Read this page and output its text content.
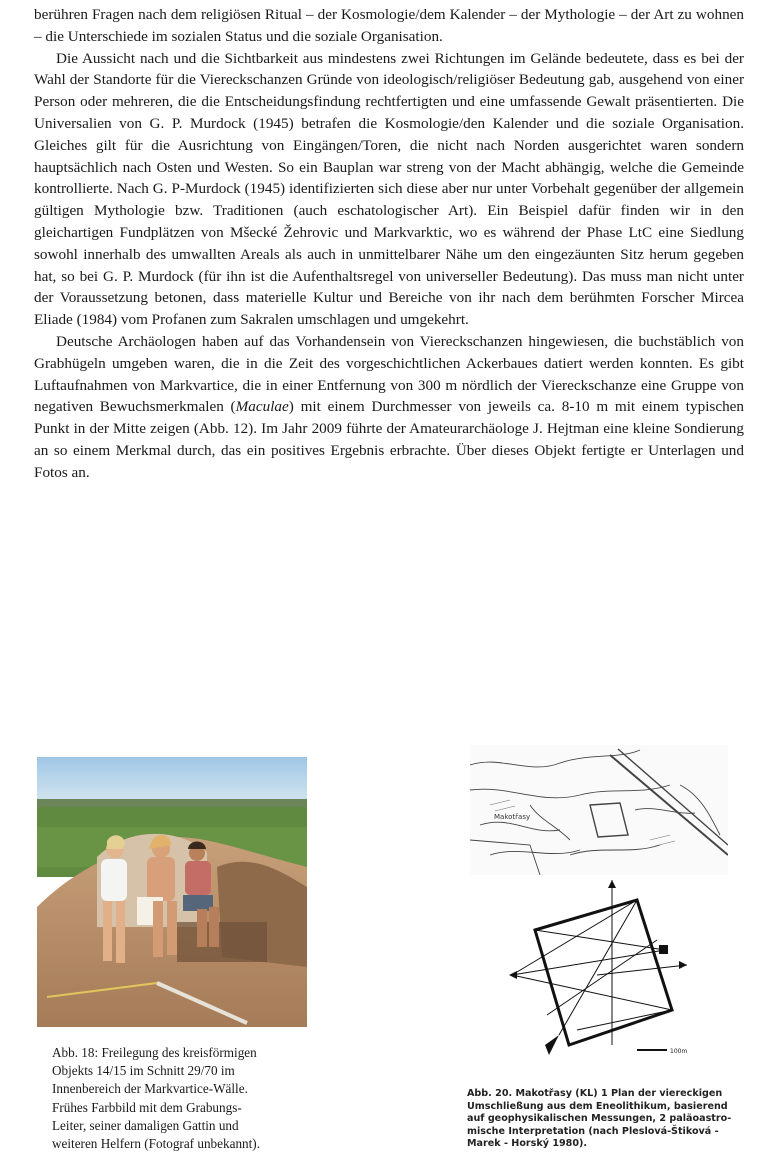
berühren Fragen nach dem religiösen Ritual – der Kosmologie/dem Kalender – der Mythologie – der Art zu wohnen – die Unterschiede im sozialen Status und die soziale Organisation.

Die Aussicht nach und die Sichtbarkeit aus mindestens zwei Richtungen im Gelände bedeutete, dass es bei der Wahl der Standorte für die Viereckschanzen Gründe von ideologisch/religiöser Bedeutung gab, ausgehend von einer Person oder mehreren, die die Entscheidungsfindung rechtfertigten und eine umfassende Gewalt präsentierten. Die Universalien von G. P. Murdock (1945) betrafen die Kosmologie/den Kalender und die soziale Organisation. Gleiches gilt für die Ausrichtung von Eingängen/Toren, die nicht nach Norden ausgerichtet waren sondern hauptsächlich nach Osten und Westen. So ein Bauplan war streng von der Macht abhängig, welche die Gemeinde kontrollierte. Nach G. P-Murdock (1945) identifizierten sich diese aber nur unter Vorbehalt gegenüber der allgemein gültigen Mythologie bzw. Traditionen (auch eschatologischer Art). Ein Beispiel dafür finden wir in den gleichartigen Fundplätzen von Mšecké Žehrovic und Markvarktic, wo es während der Phase LtC eine Siedlung sowohl innerhalb des umwallten Areals als auch in unmittelbarer Nähe um den eingezäunten Sitz herum gegeben hat, so bei G. P. Murdock (für ihn ist die Aufenthaltsregel von universeller Bedeutung). Das muss man nicht unter der Voraussetzung betonen, dass materielle Kultur und Bereiche von ihr nach dem berühmten Forscher Mircea Eliade (1984) vom Profanen zum Sakralen umschlagen und umgekehrt.

Deutsche Archäologen haben auf das Vorhandensein von Viereckschanzen hingewiesen, die buchstäblich von Grabhügeln umgeben waren, die in die Zeit des vorgeschichtlichen Ackerbaues datiert werden konnten. Es gibt Luftaufnahmen von Markvartice, die in einer Entfernung von 300 m nördlich der Viereckschanze eine Gruppe von negativen Bewuchsmerkmalen (Maculae) mit einem Durchmesser von jeweils ca. 8-10 m mit einem typischen Punkt in der Mitte zeigen (Abb. 12). Im Jahr 2009 führte der Amateurarchäologe J. Hejtman eine kleine Sondierung an so einem Merkmal durch, das ein positives Ergebnis erbrachte. Über dieses Objekt fertigte er Unterlagen und Fotos an.

Abb. 18: Freilegung des kreisförmigen
Objekts 14/15 im Schnitt 29/70 im
Innenbereich der Markvartice-Wälle.
Frühes Farbbild mit dem Grabungs-
Leiter, seiner damaligen Gattin und
weiteren Helfern (Fotograf unbekannt).
Makotřasy
100m
Abb. 20. Makotřasy (KL) 1 Plan der viereckigen
Umschließung aus dem Eneolithikum, basierend
auf geophysikalischen Messungen, 2 paläoastro-
mische Interpretation (nach Pleslová-Štiková -
Marek - Horský 1980).
